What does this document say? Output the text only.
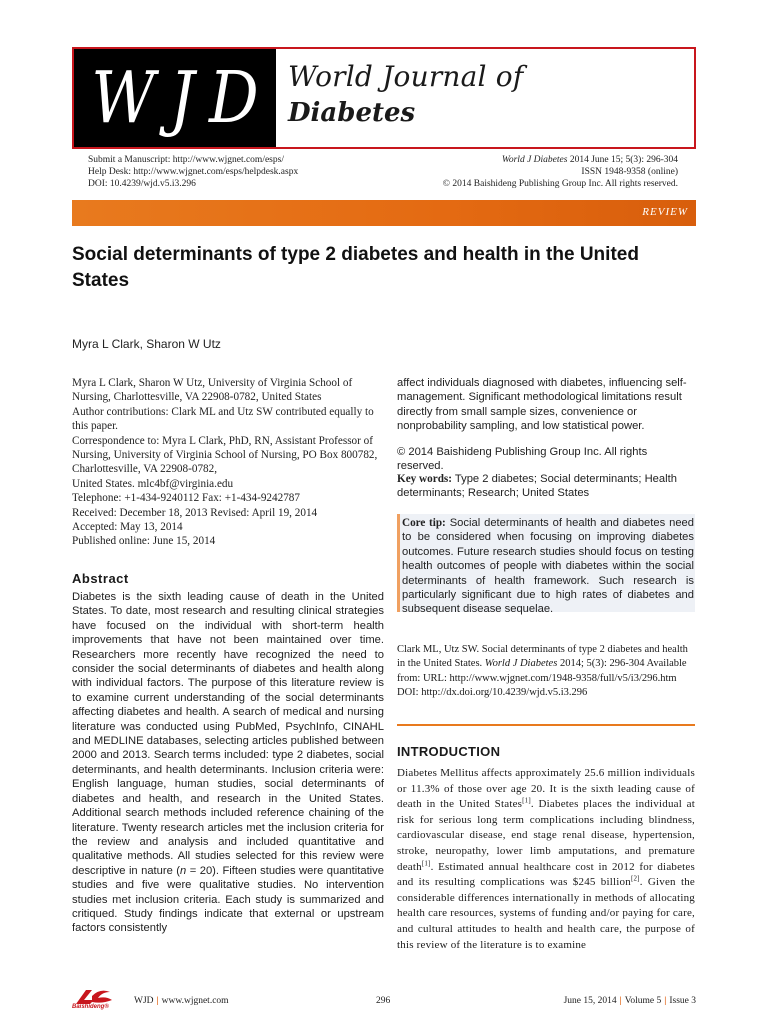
W J D World Journal of
Diabetes
Submit a Manuscript: http://www.wjgnet.com/esps/
Help Desk: http://www.wjgnet.com/esps/helpdesk.aspx
DOI: 10.4239/wjd.v5.i3.296
World J Diabetes 2014 June 15; 5(3): 296-304
ISSN 1948-9358 (online)
© 2014 Baishideng Publishing Group Inc. All rights reserved.
REVIEW
Social determinants of type 2 diabetes and health in the United States
Myra L Clark, Sharon W Utz

Myra L Clark, Sharon W Utz, University of Virginia School of Nursing, Charlottesville, VA 22908-0782, United States

Author contributions: Clark ML and Utz SW contributed equally to this paper.

Correspondence to: Myra L Clark, PhD, RN, Assistant Professor of Nursing, University of Virginia School of Nursing, PO Box 800782, Charlottesville, VA 22908-0782,

United States. mlc4bf@virginia.edu

Telephone: +1-434-9240112 Fax: +1-434-9242787

Received: December 18, 2013 Revised: April 19, 2014

Accepted: May 13, 2014

Published online: June 15, 2014

Abstract
Diabetes is the sixth leading cause of death in the United States. To date, most research and resulting clinical strategies have focused on the individual with short-term health improvements that have not been maintained over time. Researchers more recently have recognized the need to consider the social determinants of diabetes and health along with individual factors. The purpose of this literature review is to examine current understanding of the social determinants affecting diabetes and health. A search of medical and nursing literature was conducted using PubMed, PsychInfo, CINAHL and MEDLINE databases, selecting articles published between 2000 and 2013. Search terms included: type 2 diabetes, social determinants, and health determinants. Inclusion criteria were: English language, human studies, social determinants of diabetes and health, and research in the United States. Additional search methods included reference chaining of the literature. Twenty research articles met the inclusion criteria for the review and analysis and included quantitative and qualitative methods. All studies selected for this review were descriptive in nature (n = 20). Fifteen studies were quantitative studies and five were qualitative studies. No intervention studies met inclusion criteria. Each study is summarized and critiqued. Study findings indicate that external or upstream factors consistently
affect individuals diagnosed with diabetes, influencing self-management. Significant methodological limitations result directly from small sample sizes, convenience or nonprobability sampling, and low statistical power.
© 2014 Baishideng Publishing Group Inc. All rights reserved.
Key words: Type 2 diabetes; Social determinants; Health determinants; Research; United States
Core tip: Social determinants of health and diabetes need to be considered when focusing on improving diabetes outcomes. Future research studies should focus on testing health outcomes of people with diabetes within the social determinants of health framework. Such research is particularly significant due to high rates of diabetes and subsequent disease sequelae.
Clark ML, Utz SW. Social determinants of type 2 diabetes and health in the United States. World J Diabetes 2014; 5(3): 296-304 Available from: URL: http://www.wjgnet.com/1948-9358/full/v5/i3/296.htm DOI: http://dx.doi.org/10.4239/wjd.v5.i3.296
INTRODUCTION
Diabetes Mellitus affects approximately 25.6 million individuals or 11.3% of those over age 20. It is the sixth leading cause of death in the United States[1]. Diabetes places the individual at risk for serious long term complications including blindness, cardiovascular disease, end stage renal disease, hypertension, stroke, neuropathy, lower limb amputations, and premature death[1]. Estimated annual healthcare cost in 2012 for diabetes and its resulting complications was $245 billion[2]. Given the considerable differences internationally in methods of allocating health care resources, systems of funding and/or paying for care, and cultural attitudes to health and health care, the purpose of this review of the literature is to examine
Baishideng®
WJD | www.wjgnet.com	296	June 15, 2014 | Volume 5 | Issue 3
